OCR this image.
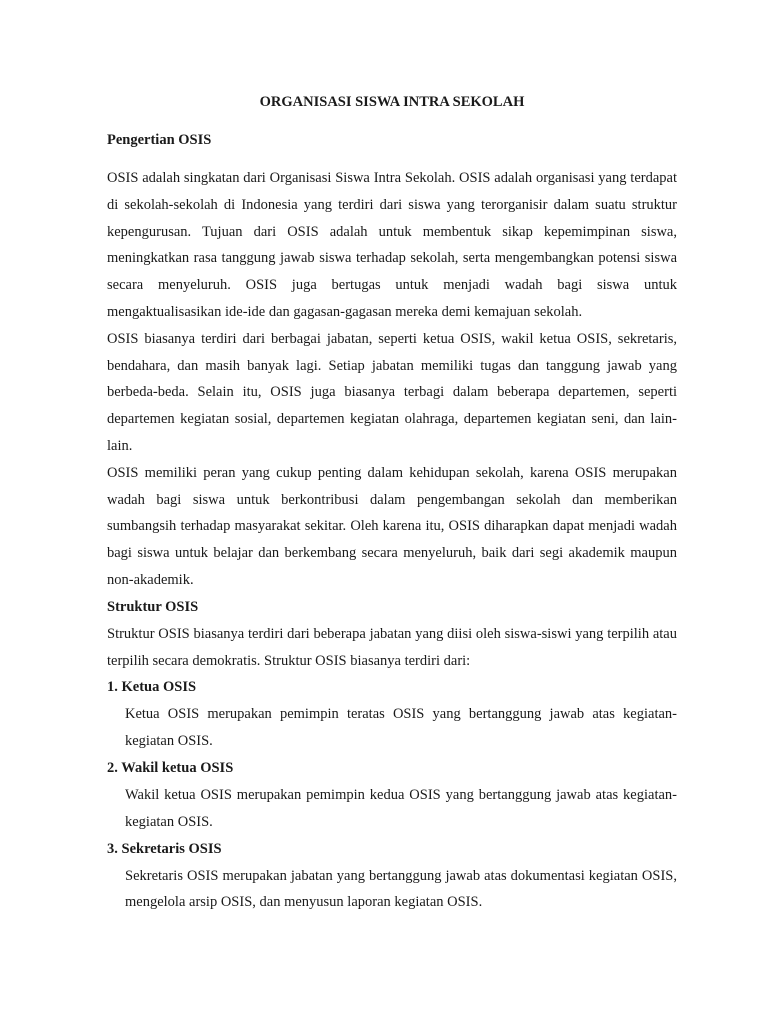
ORGANISASI SISWA INTRA SEKOLAH

Pengertian OSIS

OSIS adalah singkatan dari Organisasi Siswa Intra Sekolah. OSIS adalah organisasi yang terdapat di sekolah-sekolah di Indonesia yang terdiri dari siswa yang terorganisir dalam suatu struktur kepengurusan. Tujuan dari OSIS adalah untuk membentuk sikap kepemimpinan siswa, meningkatkan rasa tanggung jawab siswa terhadap sekolah, serta mengembangkan potensi siswa secara menyeluruh. OSIS juga bertugas untuk menjadi wadah bagi siswa untuk mengaktualisasikan ide-ide dan gagasan-gagasan mereka demi kemajuan sekolah.

OSIS biasanya terdiri dari berbagai jabatan, seperti ketua OSIS, wakil ketua OSIS, sekretaris, bendahara, dan masih banyak lagi. Setiap jabatan memiliki tugas dan tanggung jawab yang berbeda-beda. Selain itu, OSIS juga biasanya terbagi dalam beberapa departemen, seperti departemen kegiatan sosial, departemen kegiatan olahraga, departemen kegiatan seni, dan lain-lain.

OSIS memiliki peran yang cukup penting dalam kehidupan sekolah, karena OSIS merupakan wadah bagi siswa untuk berkontribusi dalam pengembangan sekolah dan memberikan sumbangsih terhadap masyarakat sekitar. Oleh karena itu, OSIS diharapkan dapat menjadi wadah bagi siswa untuk belajar dan berkembang secara menyeluruh, baik dari segi akademik maupun non-akademik.

Struktur OSIS

Struktur OSIS biasanya terdiri dari beberapa jabatan yang diisi oleh siswa-siswi yang terpilih atau terpilih secara demokratis. Struktur OSIS biasanya terdiri dari:

1. Ketua OSIS

Ketua OSIS merupakan pemimpin teratas OSIS yang bertanggung jawab atas kegiatan-kegiatan OSIS.

2. Wakil ketua OSIS

Wakil ketua OSIS merupakan pemimpin kedua OSIS yang bertanggung jawab atas kegiatan-kegiatan OSIS.

3. Sekretaris OSIS

Sekretaris OSIS merupakan jabatan yang bertanggung jawab atas dokumentasi kegiatan OSIS, mengelola arsip OSIS, dan menyusun laporan kegiatan OSIS.
